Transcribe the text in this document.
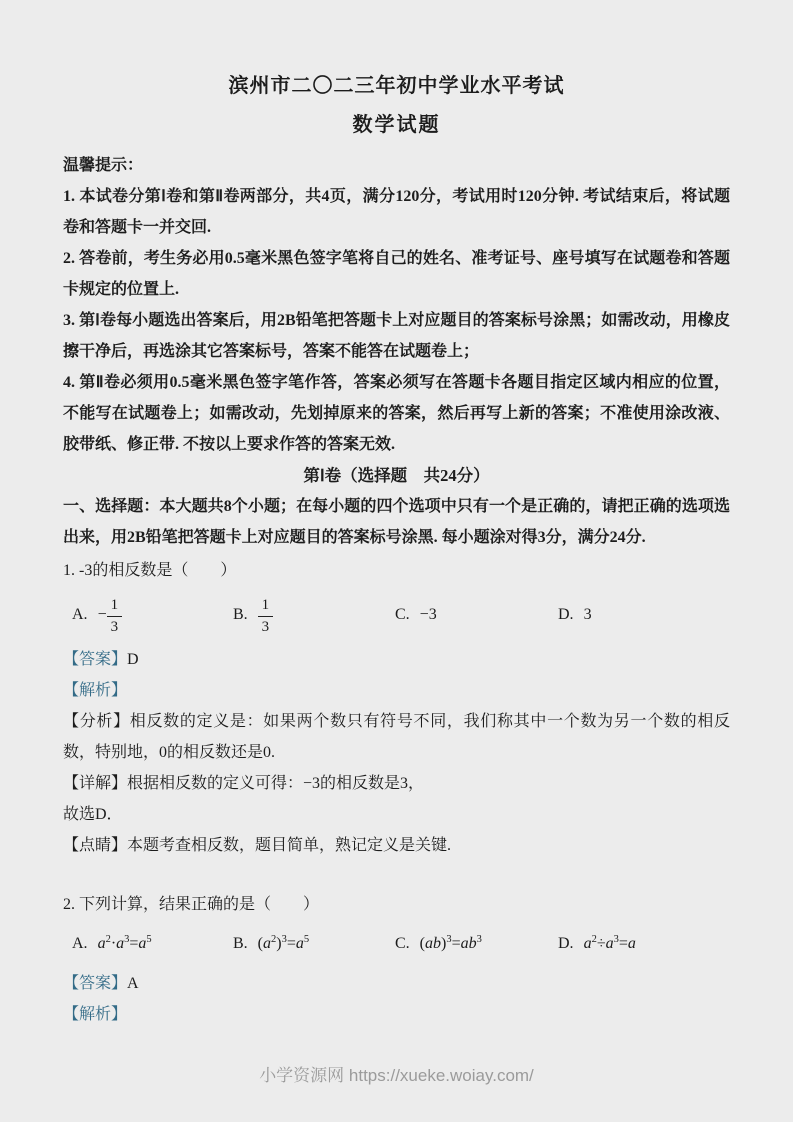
滨州市二〇二三年初中学业水平考试
数学试题

温馨提示：

1. 本试卷分第Ⅰ卷和第Ⅱ卷两部分，共4页，满分120分，考试用时120分钟. 考试结束后，将试题卷和答题卡一并交回.

2. 答卷前，考生务必用0.5毫米黑色签字笔将自己的姓名、准考证号、座号填写在试题卷和答题卡规定的位置上.

3. 第Ⅰ卷每小题选出答案后，用2B铅笔把答题卡上对应题目的答案标号涂黑；如需改动，用橡皮擦干净后，再选涂其它答案标号，答案不能答在试题卷上；

4. 第Ⅱ卷必须用0.5毫米黑色签字笔作答，答案必须写在答题卡各题目指定区域内相应的位置，不能写在试题卷上；如需改动，先划掉原来的答案，然后再写上新的答案；不准使用涂改液、胶带纸、修正带. 不按以上要求作答的答案无效.

第Ⅰ卷（选择题　共24分）

一、选择题：本大题共8个小题；在每小题的四个选项中只有一个是正确的，请把正确的选项选出来，用2B铅笔把答题卡上对应题目的答案标号涂黑. 每小题涂对得3分，满分24分.

1. -3的相反数是（　　）

A. − $\frac{1}{3}$	B. $\frac{1}{3}$	C. −3	D. 3

【答案】D

【解析】

【分析】相反数的定义是：如果两个数只有符号不同，我们称其中一个数为另一个数的相反数，特别地，0的相反数还是0.

【详解】根据相反数的定义可得：−3的相反数是3，

故选D．

【点睛】本题考查相反数，题目简单，熟记定义是关键.

2. 下列计算，结果正确的是（　　）

A. $a^2\cdot a^3=a^5$	B. $(a^2)^3=a^5$	C. $(ab)^3=ab^3$	D. $a^2\div a^3=a$

【答案】A

【解析】

小学资源网 https://xueke.woiay.com/
